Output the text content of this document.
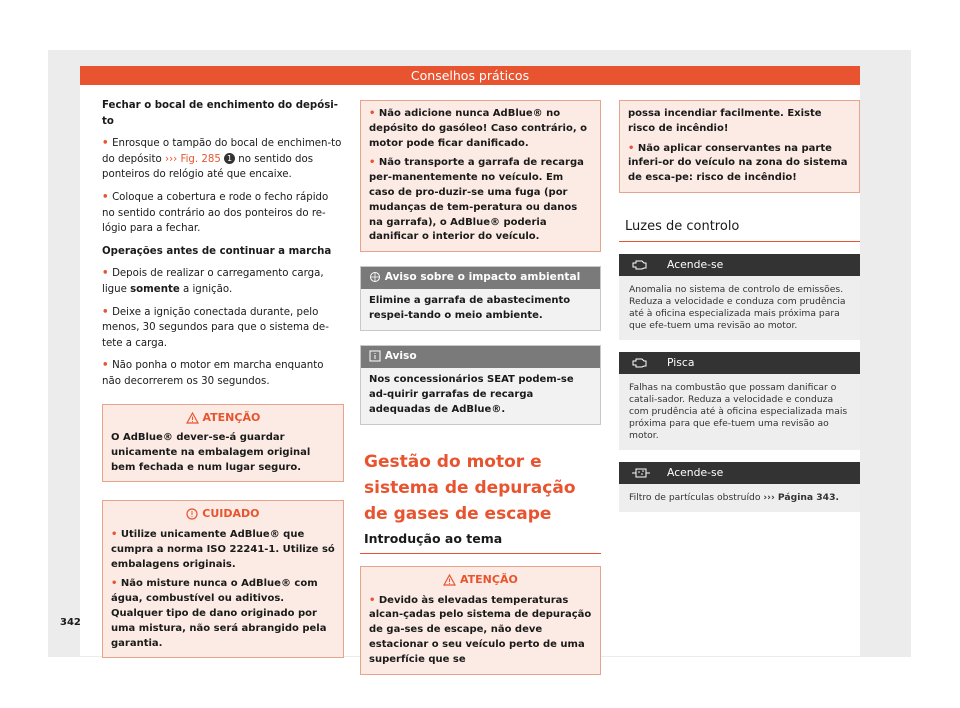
Conselhos práticos

Fechar o bocal de enchimento do depósi-to

• Enrosque o tampão do bocal de enchimen-to do depósito ››› Fig. 285 1 no sentido dos ponteiros do relógio até que encaixe.

• Coloque a cobertura e rode o fecho rápido no sentido contrário ao dos ponteiros do re-lógio para a fechar.

Operações antes de continuar a marcha

• Depois de realizar o carregamento carga, ligue somente a ignição.

• Deixe a ignição conectada durante, pelo menos, 30 segundos para que o sistema de-tete a carga.

• Não ponha o motor em marcha enquanto não decorrerem os 30 segundos.

ATENÇÃO
O AdBlue® dever-se-á guardar unicamente na embalagem original bem fechada e num lugar seguro.
CUIDADO

• Utilize unicamente AdBlue® que cumpra a norma ISO 22241-1. Utilize só embalagens originais.

• Não misture nunca o AdBlue® com água, combustível ou aditivos. Qualquer tipo de dano originado por uma mistura, não será abrangido pela garantia.

• Não adicione nunca AdBlue® no depósito do gasóleo! Caso contrário, o motor pode ficar danificado.

• Não transporte a garrafa de recarga per-manentemente no veículo. Em caso de pro-duzir-se uma fuga (por mudanças de tem-peratura ou danos na garrafa), o AdBlue® poderia danificar o interior do veículo.

Aviso sobre o impacto ambiental
Elimine a garrafa de abastecimento respei-tando o meio ambiente.
Aviso
Nos concessionários SEAT podem-se ad-quirir garrafas de recarga adequadas de AdBlue®.
Gestão do motor e sistema de depuração de gases de escape
Introdução ao tema
ATENÇÃO

• Devido às elevadas temperaturas alcan-çadas pelo sistema de depuração de ga-ses de escape, não deve estacionar o seu veículo perto de uma superfície que se

possa incendiar facilmente. Existe risco de incêndio!

• Não aplicar conservantes na parte inferi-or do veículo na zona do sistema de esca-pe: risco de incêndio!

Luzes de controlo
Acende-se
Anomalia no sistema de controlo de emissões. Reduza a velocidade e conduza com prudência até à oficina especializada mais próxima para que efe-tuem uma revisão ao motor.
Pisca
Falhas na combustão que possam danificar o catali-sador. Reduza a velocidade e conduza com prudência até à oficina especializada mais próxima para que efe-tuem uma revisão ao motor.
Acende-se
Filtro de partículas obstruído ››› Página 343.
342
